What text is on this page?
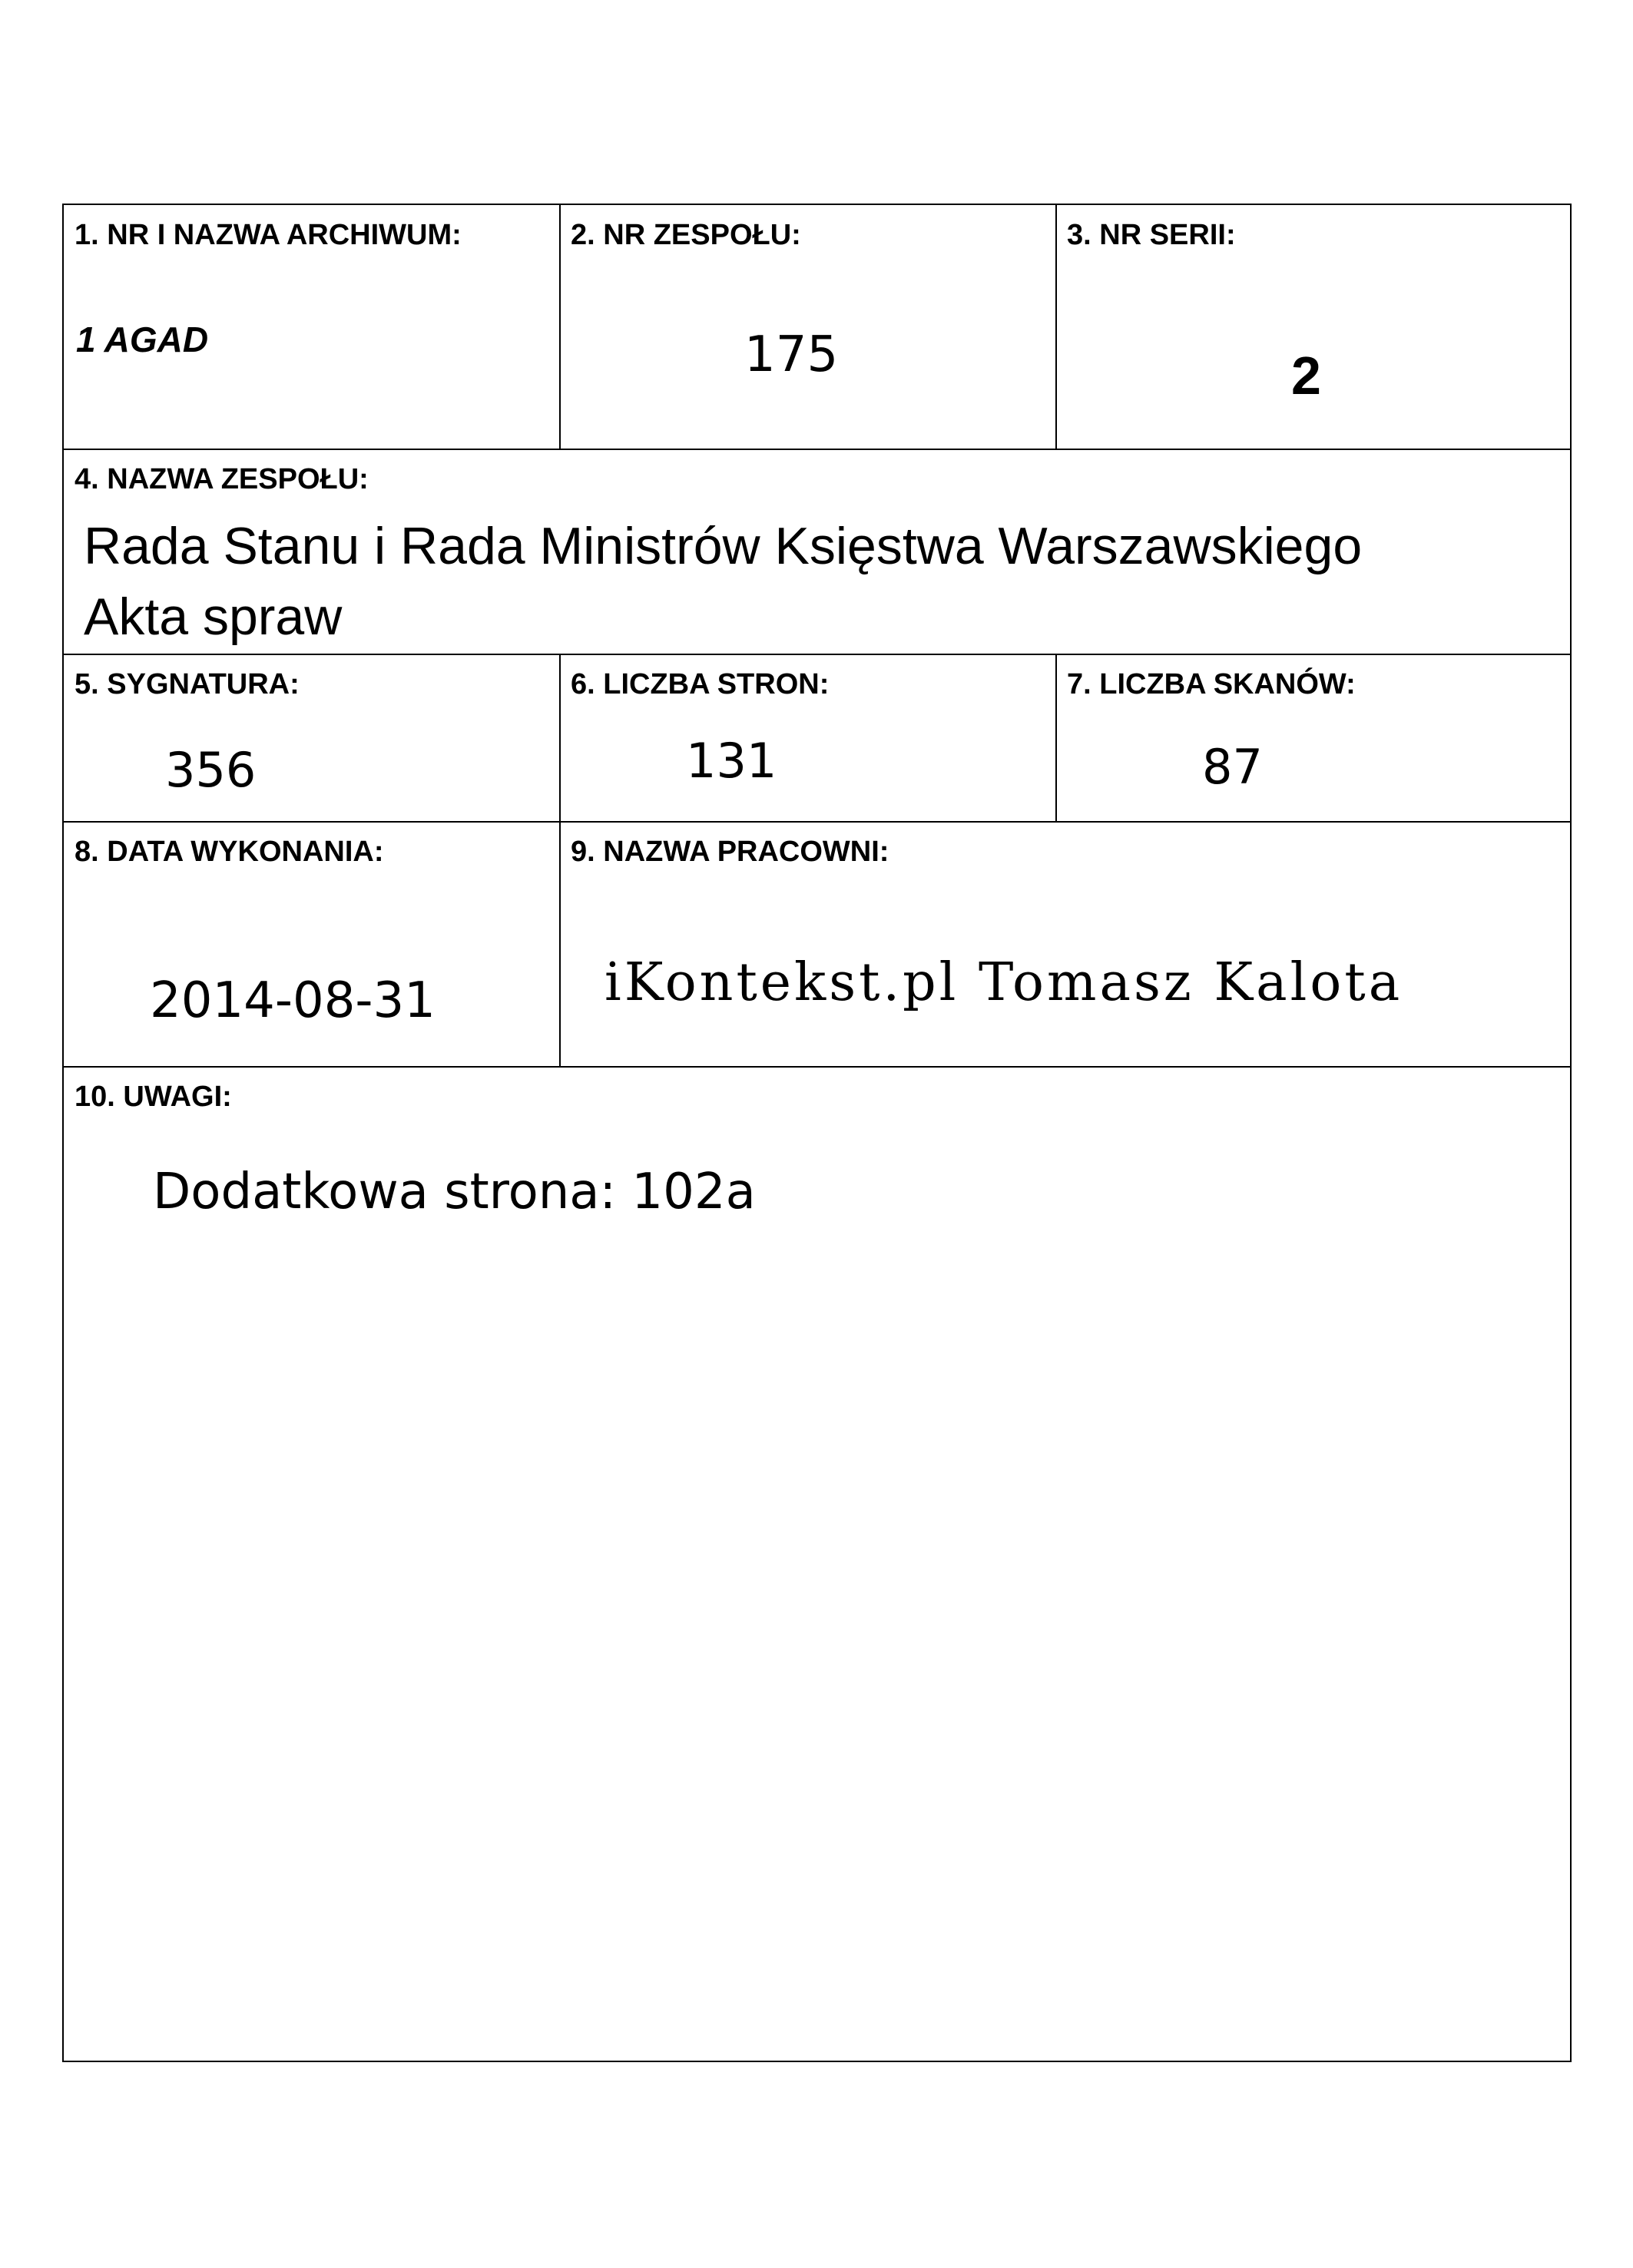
1. NR I NAZWA ARCHIWUM:
1 AGAD
2. NR ZESPOŁU:
175
3. NR SERII:
2
4. NAZWA ZESPOŁU:
Rada Stanu i Rada Ministrów Księstwa Warszawskiego
Akta spraw
5. SYGNATURA:
356
6. LICZBA STRON:
131
7. LICZBA SKANÓW:
87
8. DATA WYKONANIA:
2014-08-31
9. NAZWA PRACOWNI:
iKontekst.pl Tomasz Kalota
10. UWAGI:
Dodatkowa strona: 102a
